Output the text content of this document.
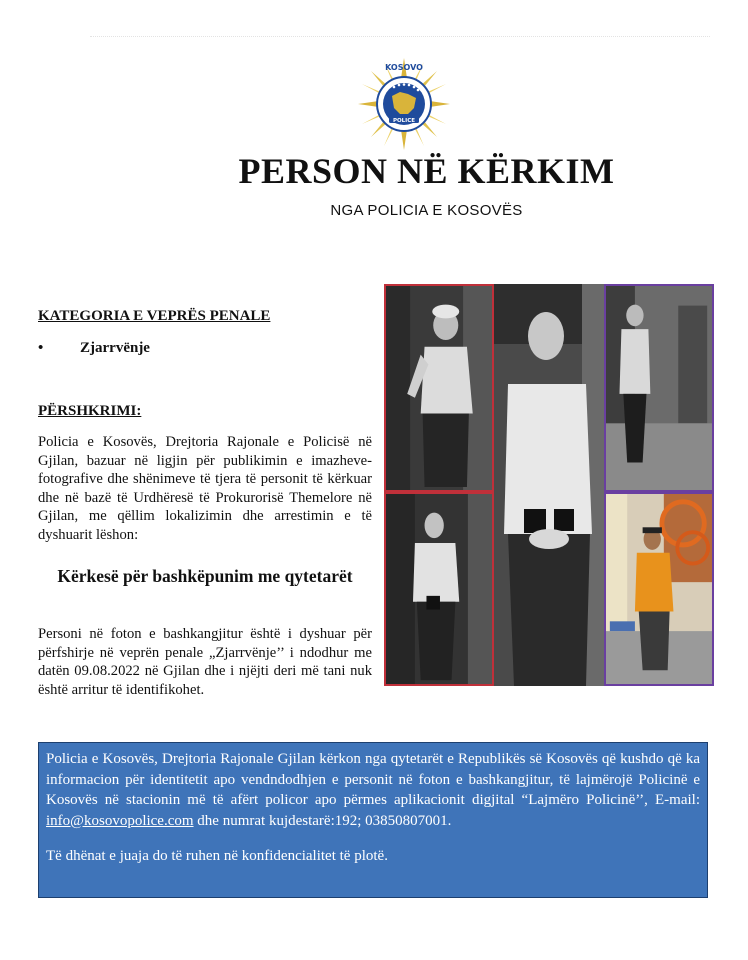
POLICE
KOSOVO
PERSON NË KËRKIM
NGA POLICIA E KOSOVËS
KATEGORIA E VEPRËS PENALE
• Zjarrvënje
PËRSHKRIMI:
Policia e Kosovës, Drejtoria Rajonale e Policisë në Gjilan, bazuar në ligjin për publikimin e imazheve-fotografive dhe shënimeve të tjera të personit të kërkuar dhe në bazë të Urdhëresë të Prokurorisë Themelore në Gjilan, me qëllim lokalizimin dhe arrestimin e të dyshuarit lëshon:
Kërkesë për bashkëpunim me qytetarët
Personi në foton e bashkangjitur është i dyshuar për përfshirje në veprën penale „Zjarrvënje’’ i ndodhur me datën 09.08.2022 në Gjilan dhe i njëjti deri më tani nuk është arritur të identifikohet.
Policia e Kosovës, Drejtoria Rajonale Gjilan kërkon nga qytetarët e Republikës së Kosovës që kushdo që ka informacion për identitetit apo vendndodhjen e personit në foton e bashkangjitur, të lajmërojë Policinë e Kosovës në stacionin më të afërt policor apo përmes aplikacionit digjital “Lajmëro Policinë’’, E-mail: info@kosovopolice.com dhe numrat kujdestarë:192; 03850807001.
Të dhënat e juaja do të ruhen në konfidencialitet të plotë.
